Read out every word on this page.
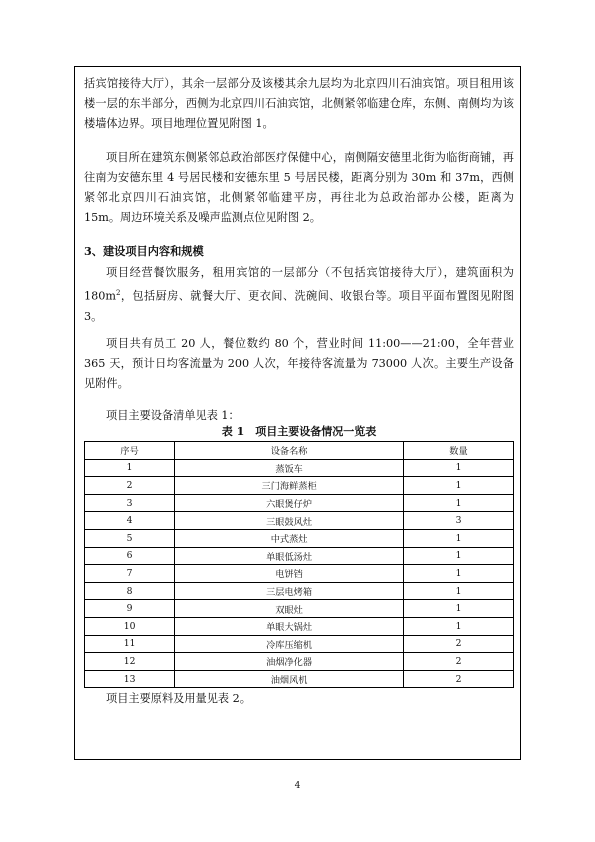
括宾馆接待大厅），其余一层部分及该楼其余九层均为北京四川石油宾馆。项目租用该楼一层的东半部分，西侧为北京四川石油宾馆，北侧紧邻临建仓库，东侧、南侧均为该楼墙体边界。项目地理位置见附图 1。

项目所在建筑东侧紧邻总政治部医疗保健中心，南侧隔安德里北街为临街商铺，再往南为安德东里 4 号居民楼和安德东里 5 号居民楼，距离分别为 30m 和 37m，西侧紧邻北京四川石油宾馆，北侧紧邻临建平房，再往北为总政治部办公楼，距离为 15m。周边环境关系及噪声监测点位见附图 2。

3、建设项目内容和规模

项目经营餐饮服务，租用宾馆的一层部分（不包括宾馆接待大厅），建筑面积为 $180m^2$，包括厨房、就餐大厅、更衣间、洗碗间、收银台等。项目平面布置图见附图 3。

项目共有员工 20 人，餐位数约 80 个，营业时间 11:00——21:00，全年营业 365 天，预计日均客流量为 200 人次，年接待客流量为 73000 人次。主要生产设备见附件。

项目主要设备清单见表 1：

表 1　项目主要设备情况一览表
序号	设备名称	数量
1	蒸饭车	1
2	三门海鲜蒸柜	1
3	六眼煲仔炉	1
4	三眼鼓风灶	3
5	中式蒸灶	1
6	单眼低汤灶	1
7	电饼铛	1
8	三层电烤箱	1
9	双眼灶	1
10	单眼大锅灶	1
11	冷库压缩机	2
12	油烟净化器	2
13	油烟风机	2

项目主要原料及用量见表 2。

4
